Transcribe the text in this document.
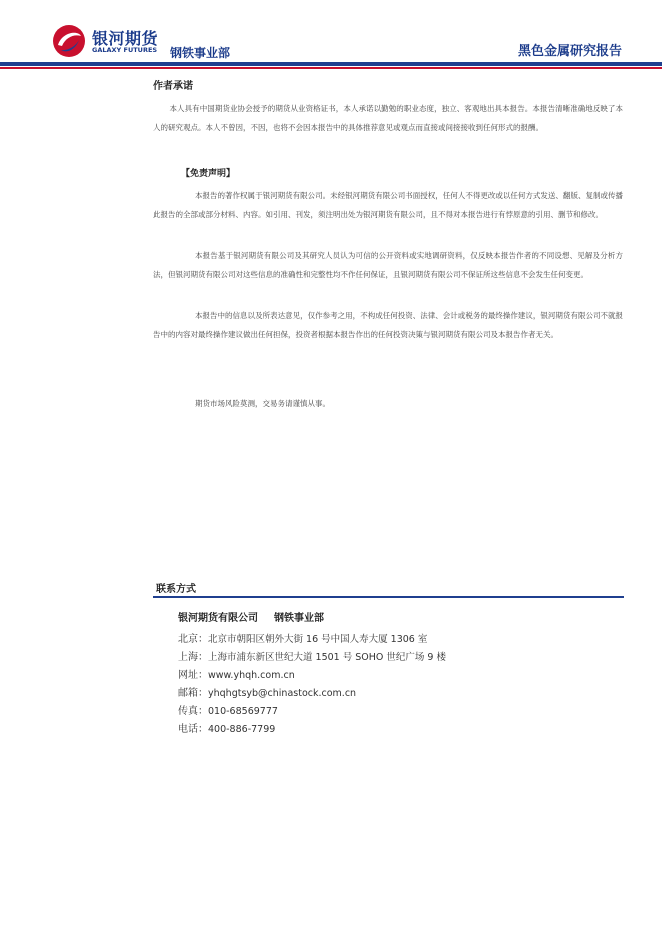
银河期货
GALAXY FUTURES 钢铁事业部	黑色金属研究报告
作者承诺

本人具有中国期货业协会授予的期货从业资格证书，本人承诺以勤勉的职业态度，独立、客观地出具本报告。本报告清晰准确地反映了本人的研究观点。本人不曾因，不因，也将不会因本报告中的具体推荐意见或观点而直接或间接接收到任何形式的报酬。

【免责声明】

本报告的著作权属于银河期货有限公司。未经银河期货有限公司书面授权，任何人不得更改或以任何方式发送、翻版、复制或传播此报告的全部或部分材料、内容。如引用、刊发，须注明出处为银河期货有限公司，且不得对本报告进行有悖原意的引用、删节和修改。

本报告基于银河期货有限公司及其研究人员认为可信的公开资料或实地调研资料，仅反映本报告作者的不同设想、见解及分析方法，但银河期货有限公司对这些信息的准确性和完整性均不作任何保证，且银河期货有限公司不保证所这些信息不会发生任何变更。

本报告中的信息以及所表达意见，仅作参考之用，不构成任何投资、法律、会计或税务的最终操作建议，银河期货有限公司不就报告中的内容对最终操作建议做出任何担保，投资者根据本报告作出的任何投资决策与银河期货有限公司及本报告作者无关。

期货市场风险莫测，交易务请谨慎从事。

联系方式
银河期货有限公司 钢铁事业部
北京：北京市朝阳区朝外大街 16 号中国人寿大厦 1306 室
上海：上海市浦东新区世纪大道 1501 号 SOHO 世纪广场 9 楼
网址：www.yhqh.com.cn
邮箱：yhqhgtsyb@chinastock.com.cn
传真：010-68569777
电话：400-886-7799
